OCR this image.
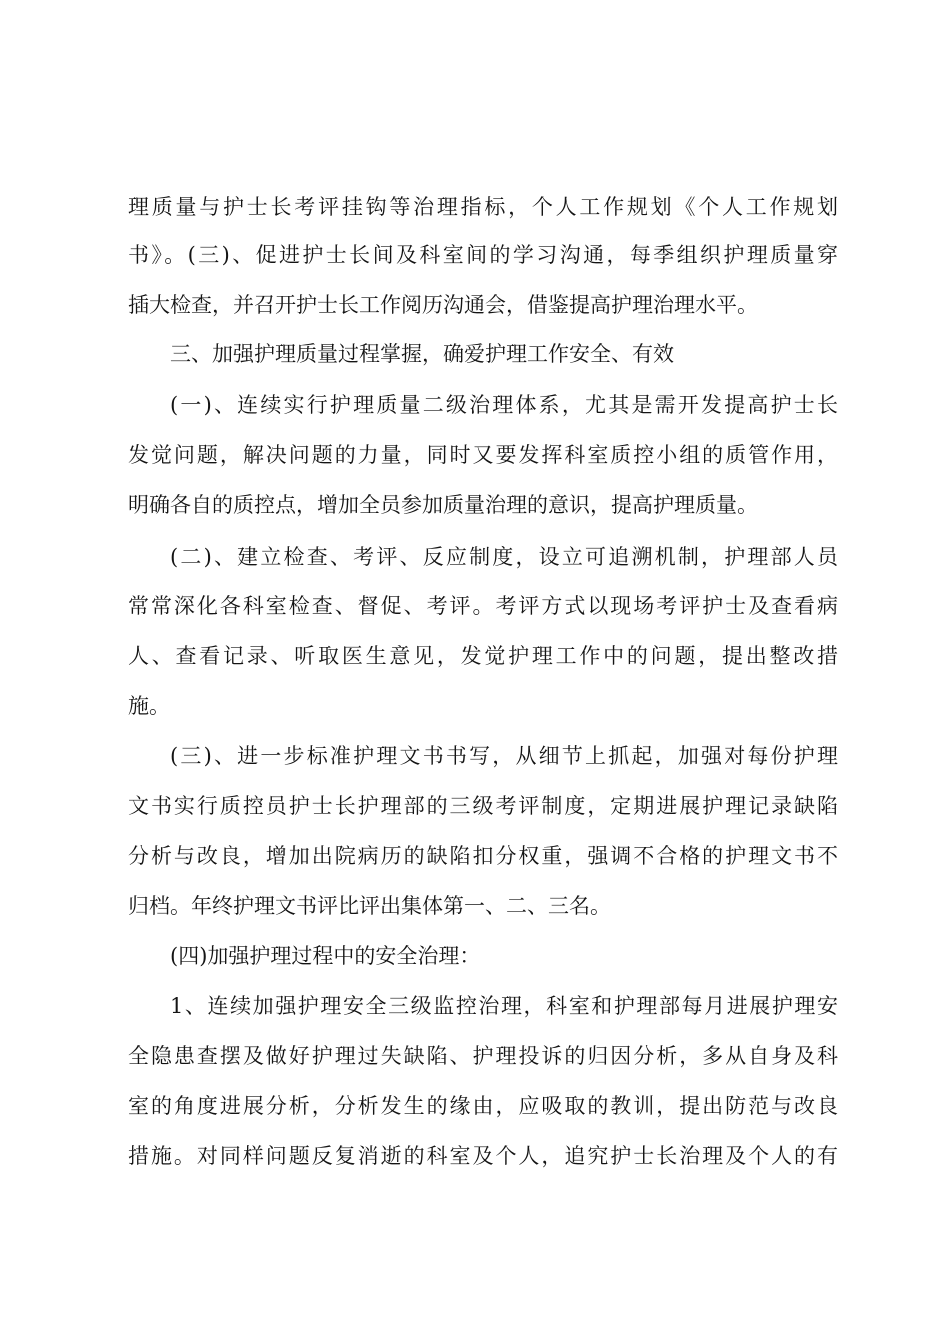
理质量与护士长考评挂钩等治理指标，个人工作规划《个人工作规划
书》。(三)、促进护士长间及科室间的学习沟通，每季组织护理质量穿
插大检查，并召开护士长工作阅历沟通会，借鉴提高护理治理水平。
三、加强护理质量过程掌握，确爱护理工作安全、有效
(一)、连续实行护理质量二级治理体系，尤其是需开发提高护士长
发觉问题，解决问题的力量，同时又要发挥科室质控小组的质管作用，
明确各自的质控点，增加全员参加质量治理的意识，提高护理质量。
(二)、建立检查、考评、反应制度，设立可追溯机制，护理部人员
常常深化各科室检查、督促、考评。考评方式以现场考评护士及查看病
人、查看记录、听取医生意见，发觉护理工作中的问题，提出整改措
施。
(三)、进一步标准护理文书书写，从细节上抓起，加强对每份护理
文书实行质控员护士长护理部的三级考评制度，定期进展护理记录缺陷
分析与改良，增加出院病历的缺陷扣分权重，强调不合格的护理文书不
归档。年终护理文书评比评出集体第一、二、三名。
(四)加强护理过程中的安全治理：
1、连续加强护理安全三级监控治理，科室和护理部每月进展护理安
全隐患查摆及做好护理过失缺陷、护理投诉的归因分析，多从自身及科
室的角度进展分析，分析发生的缘由，应吸取的教训，提出防范与改良
措施。对同样问题反复消逝的科室及个人，追究护士长治理及个人的有
